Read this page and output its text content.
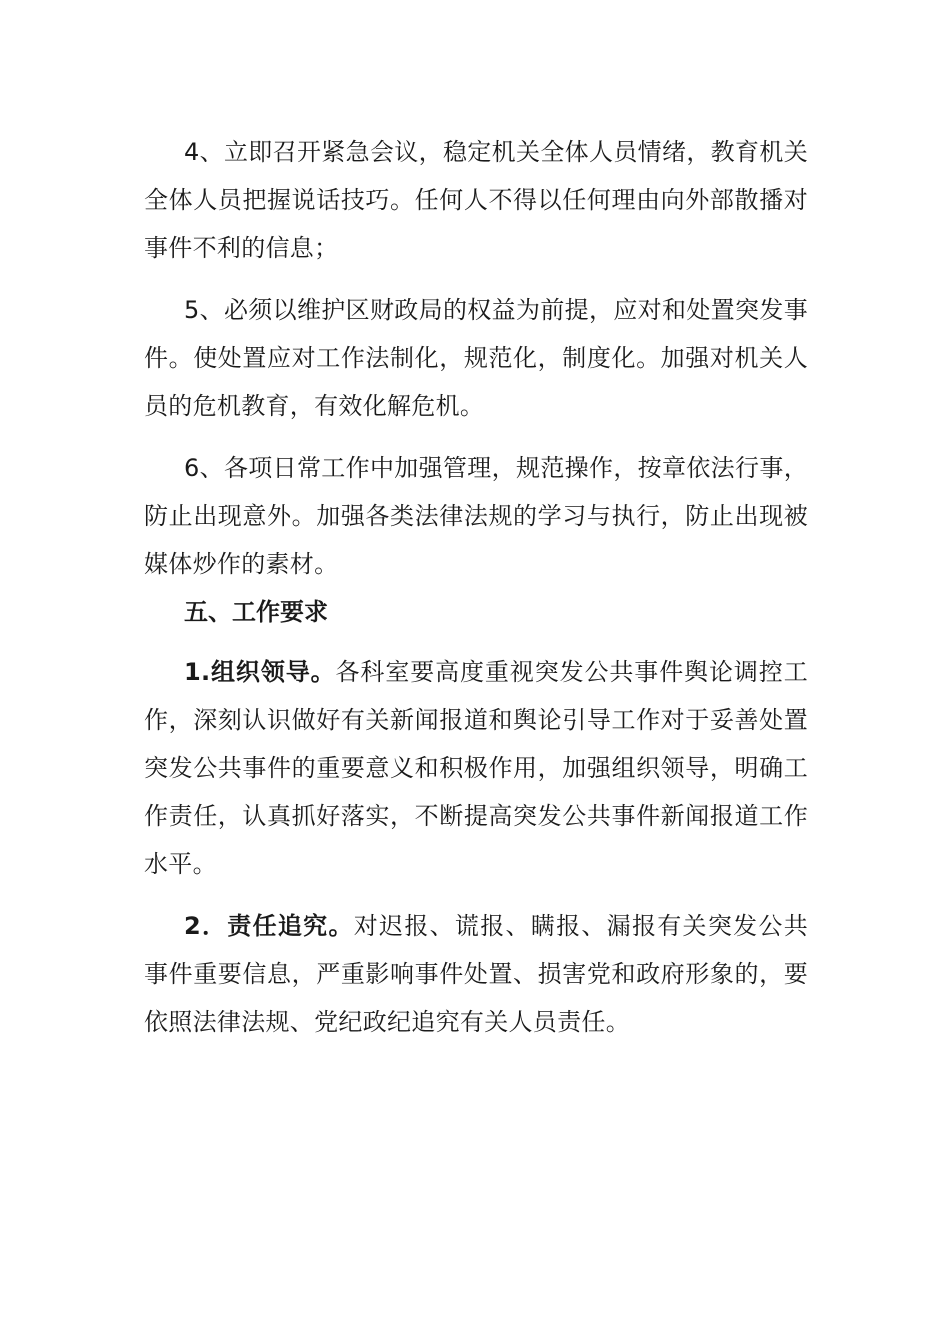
4、立即召开紧急会议，稳定机关全体人员情绪，教育机关全体人员把握说话技巧。任何人不得以任何理由向外部散播对事件不利的信息；

5、必须以维护区财政局的权益为前提，应对和处置突发事件。使处置应对工作法制化，规范化，制度化。加强对机关人员的危机教育，有效化解危机。

6、各项日常工作中加强管理，规范操作，按章依法行事，防止出现意外。加强各类法律法规的学习与执行，防止出现被媒体炒作的素材。

五、工作要求

1.组织领导。各科室要高度重视突发公共事件舆论调控工作，深刻认识做好有关新闻报道和舆论引导工作对于妥善处置突发公共事件的重要意义和积极作用，加强组织领导，明确工作责任，认真抓好落实，不断提高突发公共事件新闻报道工作水平。

2．责任追究。对迟报、谎报、瞒报、漏报有关突发公共事件重要信息，严重影响事件处置、损害党和政府形象的，要依照法律法规、党纪政纪追究有关人员责任。
